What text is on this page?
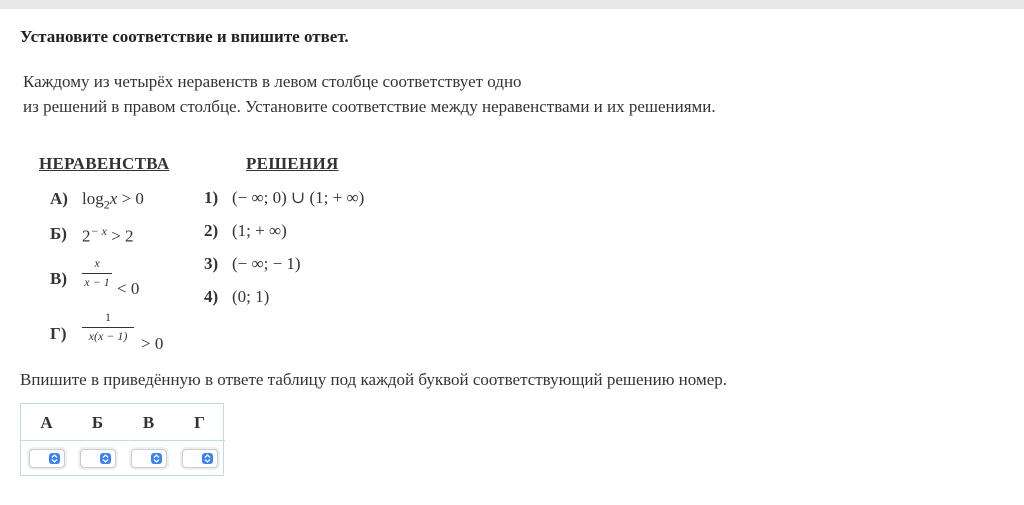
Установите соответствие и впишите ответ.
Каждому из четырёх неравенств в левом столбце соответствует одно
из решений в правом столбце. Установите соответствие между неравенствами и их решениями.
НЕРАВЕНСТВА	РЕШЕНИЯ
А) $\log_2x > 0$
Б) $2^{- x} > 2$
В)
x
x − 1 < 0
Г)
1
x(x − 1) > 0
1) (− ∞; 0) ∪ (1; + ∞)
2) (1; + ∞)
3) (− ∞; − 1)
4) (0; 1)
Впишите в приведённую в ответе таблицу под каждой буквой соответствующий решению номер.
А	Б	В	Г
